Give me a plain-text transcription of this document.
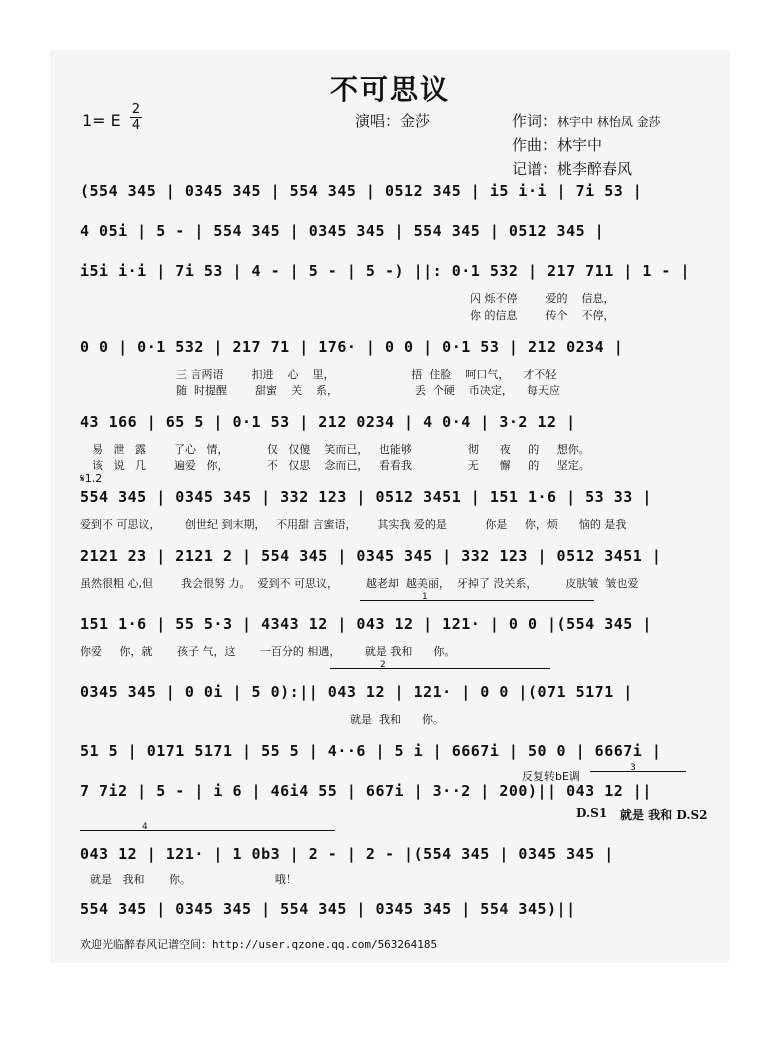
不可思议
1= E
2
4	演唱：金莎	作词：林宇中 林怡凤 金莎
作曲：林宇中
记谱：桃李醉春风
(554 345 | 0345 345 | 554 345 | 0512 345 | i5 i·i | 7i 53 |
4 05i | 5 - | 554 345 | 0345 345 | 554 345 | 0512 345 |
i5i i·i | 7i 53 | 4 - | 5 - | 5 -) ||: 0·1 532 | 217 711 | 1 - |
闪 烁不停        爱的    信息，
你 的信息        传个    不停，
0 0 | 0·1 532 | 217 71 | 176· | 0 0 | 0·1 53 | 212 0234 |
三 言两语        扣进    心    里，                      捂  住脸    呵口气，    才不轻
随  时提醒        甜蜜    关    系，                      丢  个硬    币决定，    每天应
43 166 | 65 5 | 0·1 53 | 212 0234 | 4 0·4 | 3·2 12 |
易   泄   露        了心   情，           仅   仅傻    笑而已，   也能够                彻      夜     的     想你。
该   说   几        遍爱   你，           不   仅思    念而已，   看看我                无      懈     的     坚定。
𝄋1.2
554 345 | 0345 345 | 332 123 | 0512 3451 | 151 1·6 | 53 33 |
爱到不 可思议，       创世纪 到末期，   不用甜 言蜜语，      其实我 爱的是           你是     你，烦      恼的 是我
2121 23 | 2121 2 | 554 345 | 0345 345 | 332 123 | 0512 3451 |
虽然很粗 心,但        我会很努 力。  爱到不 可思议，        越老却  越美丽，  牙掉了 没关系，        皮肤皱  皱也爱
1
151 1·6 | 55 5·3 | 4343 12 | 043 12 | 121· | 0 0 |(554 345 |
你爱     你，就       孩子 气，这       一百分的 相遇，       就是 我和      你。
2
0345 345 | 0 0i | 5 0):|| 043 12 | 121· | 0 0 |(071 5171 |
就是  我和      你。
51 5 | 0171 5171 | 55 5 | 4··6 | 5 i | 6667i | 50 0 | 6667i |
反复转bE调
3
7 7i2 | 5 - | i 6 | 46i4 55 | 667i | 3··2 | 200)|| 043 12 ||
D.S1 就是 我和 D.S2
4
043 12 | 121· | 1 0b3 | 2 - | 2 - |(554 345 | 0345 345 |
就是   我和       你。                        哦！
554 345 | 0345 345 | 554 345 | 0345 345 | 554 345)||
欢迎光临醉春风记谱空间：http://user.qzone.qq.com/563264185
